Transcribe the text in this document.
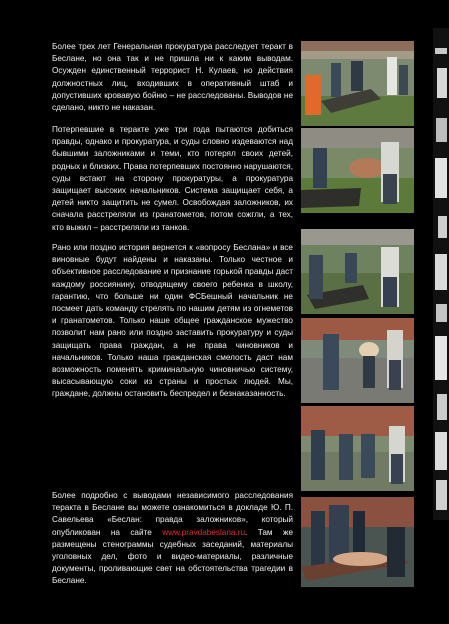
Более трех лет Генеральная прокуратура расследует теракт в Беслане, но она так и не пришла ни к каким выводам. Осужден единственный террорист Н. Кулаев, но действия должностных лиц, входивших в оперативный штаб и допустивших кровавую бойню – не расследованы. Выводов не сделано, никто не наказан.

Потерпевшие в теракте уже три года пытаются добиться правды, однако и прокуратура, и суды словно издеваются над бывшими заложниками и теми, кто потерял своих детей, родных и близких. Права потерпевших постоянно нарушаются, суды встают на сторону прокуратуры, а прокуратура защищает высоких начальников. Система защищает себя, а детей никто защитить не сумел. Освобождая заложников, их сначала расстреляли из гранатометов, потом сожгли, а тех, кто выжил – расстреляли из танков.

Рано или поздно история вернется к «вопросу Беслана» и все виновные будут найдены и наказаны. Только честное и объективное расследование и признание горькой правды даст каждому россиянину, отводящему своего ребенка в школу, гарантию, что больше ни один ФСБешный начальник не посмеет дать команду стрелять по нашим детям из огнеметов и гранатометов. Только наше общее гражданское мужество позволит нам рано или поздно заставить прокуратуру и суды защищать права граждан, а не права чиновников и начальников. Только наша гражданская смелость даст нам возможность поменять криминальную чиновничью систему, высасывающую соки из страны и простых людей. Мы, граждане, должны остановить беспредел и безнаказанность.

Более подробно с выводами независимого расследования теракта в Беслане вы можете ознакомиться в докладе Ю. П. Савельева «Беслан: правда заложников», который опубликован на сайте www.pravdabeslana.ru. Там же размещены стенограммы судебных заседаний, материалы уголовных дел, фото и видео-материалы, различные документы, проливающие свет на обстоятельства трагедии в Беслане.
